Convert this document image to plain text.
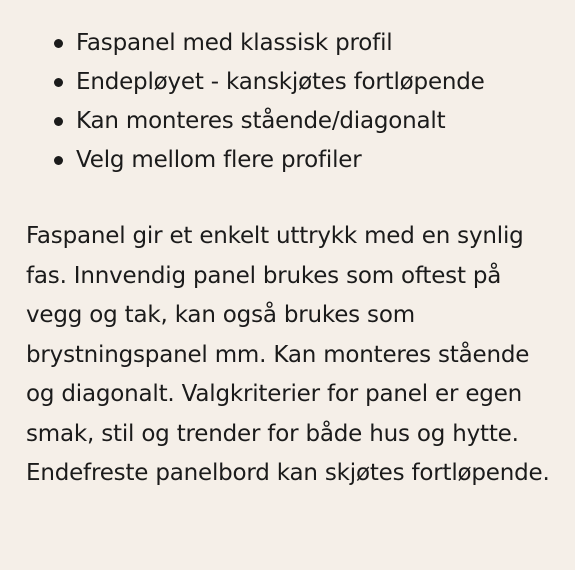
Faspanel med klassisk profil
Endepløyet - kanskjøtes fortløpende
Kan monteres stående/diagonalt
Velg mellom flere profiler

Faspanel gir et enkelt uttrykk med en synlig
fas. Innvendig panel brukes som oftest på
vegg og tak, kan også brukes som
brystningspanel mm. Kan monteres stående
og diagonalt. Valgkriterier for panel er egen
smak, stil og trender for både hus og hytte.
Endefreste panelbord kan skjøtes fortløpende.
